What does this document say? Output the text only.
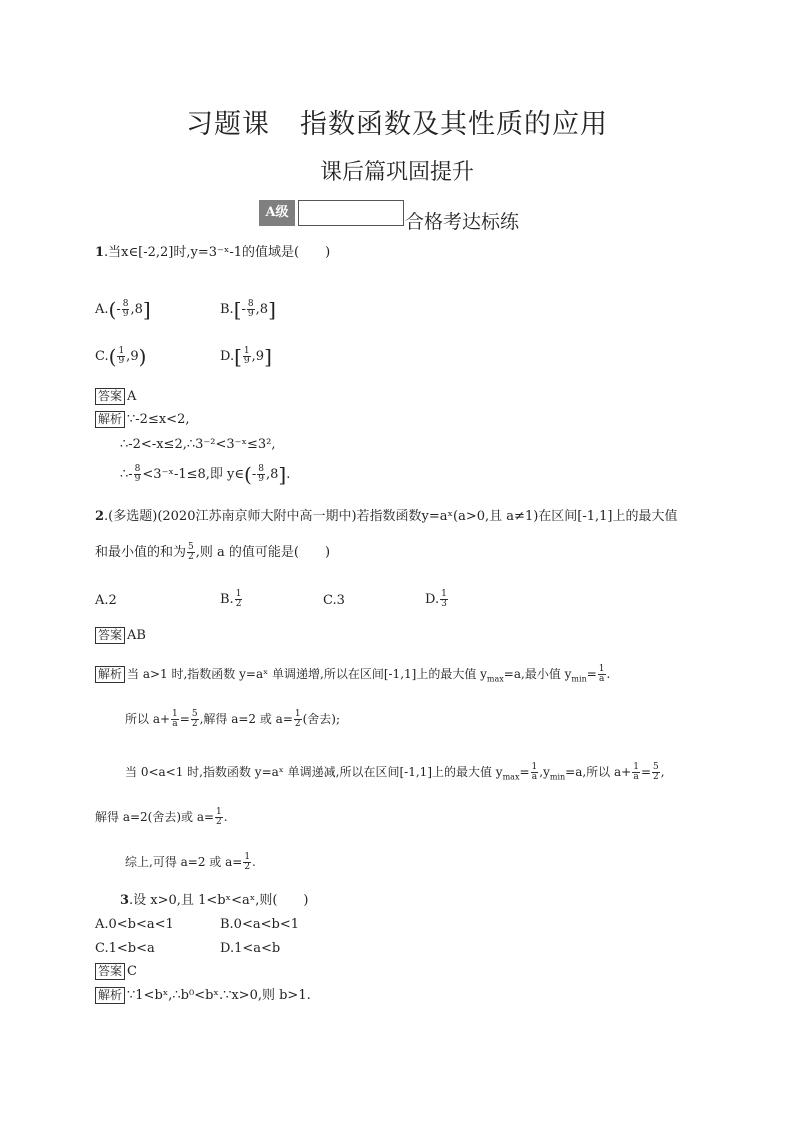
习题课 指数函数及其性质的应用
课后篇巩固提升
A级	合格考达标练
1.当x∈[-2,2]时,y=3⁻ˣ-1的值域是(　　)
$A.(- \frac{8}{9} ,8]$	$B.[- \frac{8}{9} ,8]$
$C.( \frac{1}{9} ,9)$	$D.[ \frac{1}{9} ,9]$
答案 A
解析 ∵-2≤x<2,
∴-2<-x≤2,∴3⁻²<3⁻ˣ≤3²,
∴- $\frac{8}{9}$ <3⁻ˣ-1≤8,即 y∈(- $\frac{8}{9} ,8$].
2.(多选题)(2020江苏南京师大附中高一期中)若指数函数y=aˣ(a>0,且 a≠1)在区间[-1,1]上的最大值
和最小值的和为 $\frac{5}{2}$ ,则 a 的值可能是(　　)
A.2	B. $\frac{1}{2}$	C.3	D. $\frac{1}{3}$
答案 AB
解析 当 a>1 时,指数函数 y=aˣ 单调递增,所以在区间[-1,1]上的最大值 $y_{max}=a$,最小值 $y_{min}= \frac{1}{a}$ .
所以 $a+ \frac{1}{a} = \frac{5}{2}$ ,解得 a=2 或 $a= \frac{1}{2}$ (舍去);
当 0<a<1 时,指数函数 y=aˣ 单调递减,所以在区间[-1,1]上的最大值 $y_{max}= \frac{1}{a} ,y_{min}=a$,所以 $a+ \frac{1}{a} = \frac{5}{2}$ ,
解得 a=2(舍去)或 $a= \frac{1}{2}$ .
综上,可得 a=2 或 $a= \frac{1}{2}$ .
3.设 x>0,且 1<bˣ<aˣ,则(　　)
A.0<b<a<1	B.0<a<b<1
C.1<b<a	D.1<a<b
答案 C
解析 ∵1<bˣ,∴b⁰<bˣ.∵x>0,则 b>1.
